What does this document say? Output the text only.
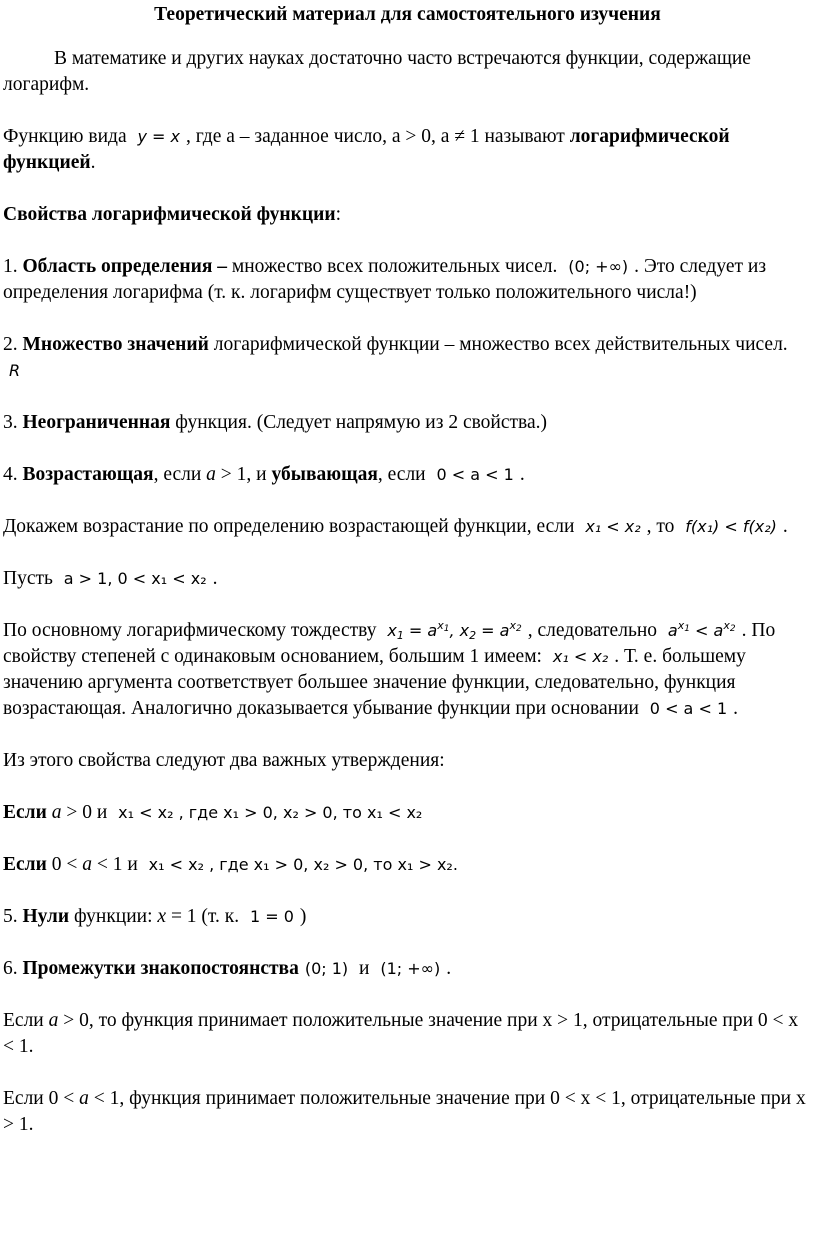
Теоретический материал для самостоятельного изучения

В математике и других науках достаточно часто встречаются функции, содержащие логарифм.

Функцию вида y = x , где а – заданное число, а > 0, а ≠ 1 называют логарифмической функцией.

Свойства логарифмической функции:

1. Область определения – множество всех положительных чисел. (0; +∞) . Это следует из определения логарифма (т. к. логарифм существует только положительного числа!)

2. Множество значений логарифмической функции – множество всех действительных чисел. R

3. Неограниченная функция. (Следует напрямую из 2 свойства.)

4. Возрастающая, если a > 1, и убывающая, если 0 < a < 1 .

Докажем возрастание по определению возрастающей функции, если x₁ < x₂ , то f(x₁) < f(x₂) .

Пусть a > 1, 0 < x₁ < x₂ .

По основному логарифмическому тождеству $x_1 = a^{x_1}$, $x_2 = a^{x_2}$ , следовательно $a^{x_1} < a^{x_2}$ . По свойству степеней с одинаковым основанием, большим 1 имеем: x₁ < x₂ . Т. е. большему значению аргумента соответствует большее значение функции, следовательно, функция возрастающая. Аналогично доказывается убывание функции при основании 0 < a < 1 .

Из этого свойства следуют два важных утверждения:

Если a > 0 и x₁ < x₂ , где x₁ > 0, x₂ > 0, то x₁ < x₂

Если 0 < a < 1 и x₁ < x₂ , где x₁ > 0, x₂ > 0, то x₁ > x₂.

5. Нули функции: x = 1 (т. к. 1 = 0 )

6. Промежутки знакопостоянства (0; 1) и (1; +∞) .

Если a > 0, то функция принимает положительные значение при x > 1, отрицательные при 0 < x < 1.

Если 0 < a < 1, функция принимает положительные значение при 0 < x < 1, отрицательные при x > 1.
